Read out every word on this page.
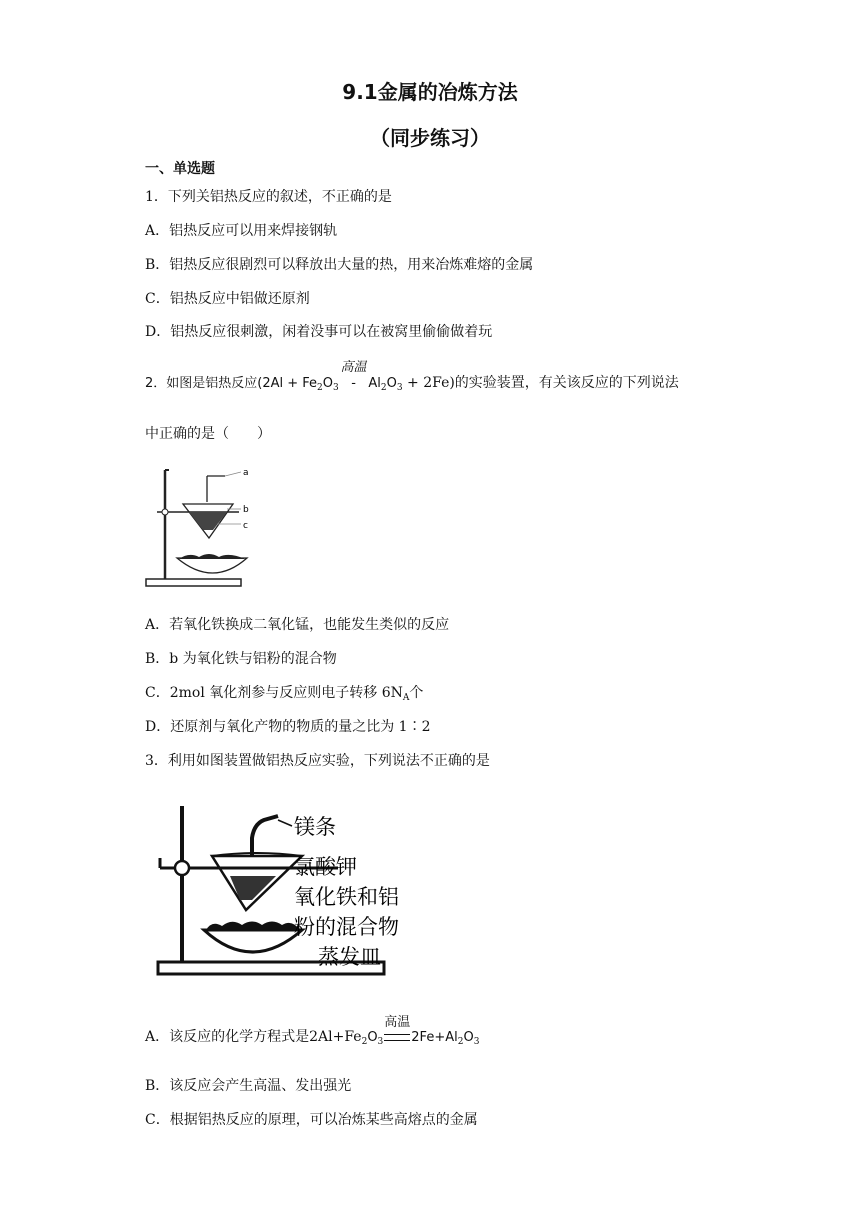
9.1金属的冶炼方法
（同步练习）
一、单选题
1．下列关铝热反应的叙述，不正确的是
A．铝热反应可以用来焊接钢轨
B．铝热反应很剧烈可以释放出大量的热，用来冶炼难熔的金属
C．铝热反应中铝做还原剂
D．铝热反应很刺激，闲着没事可以在被窝里偷偷做着玩
2．如图是铝热反应($2Al + Fe_2O_3$
高温
- $Al_2O_3 + 2Fe$)的实验装置，有关该反应的下列说法
中正确的是（　　）
a
b
c
A．若氧化铁换成二氧化锰，也能发生类似的反应
B．b 为氧化铁与铝粉的混合物
C．2mol 氧化剂参与反应则电子转移 $6N_A$个
D．还原剂与氧化产物的物质的量之比为 1∶2
3．利用如图装置做铝热反应实验，下列说法不正确的是
镁条
氯酸钾
氧化铁和铝
粉的混合物
蒸发皿
A．该反应的化学方程式是$2Al+Fe_2O_3$
高温
$2Fe+Al_2O_3$
B．该反应会产生高温、发出强光
C．根据铝热反应的原理，可以冶炼某些高熔点的金属
